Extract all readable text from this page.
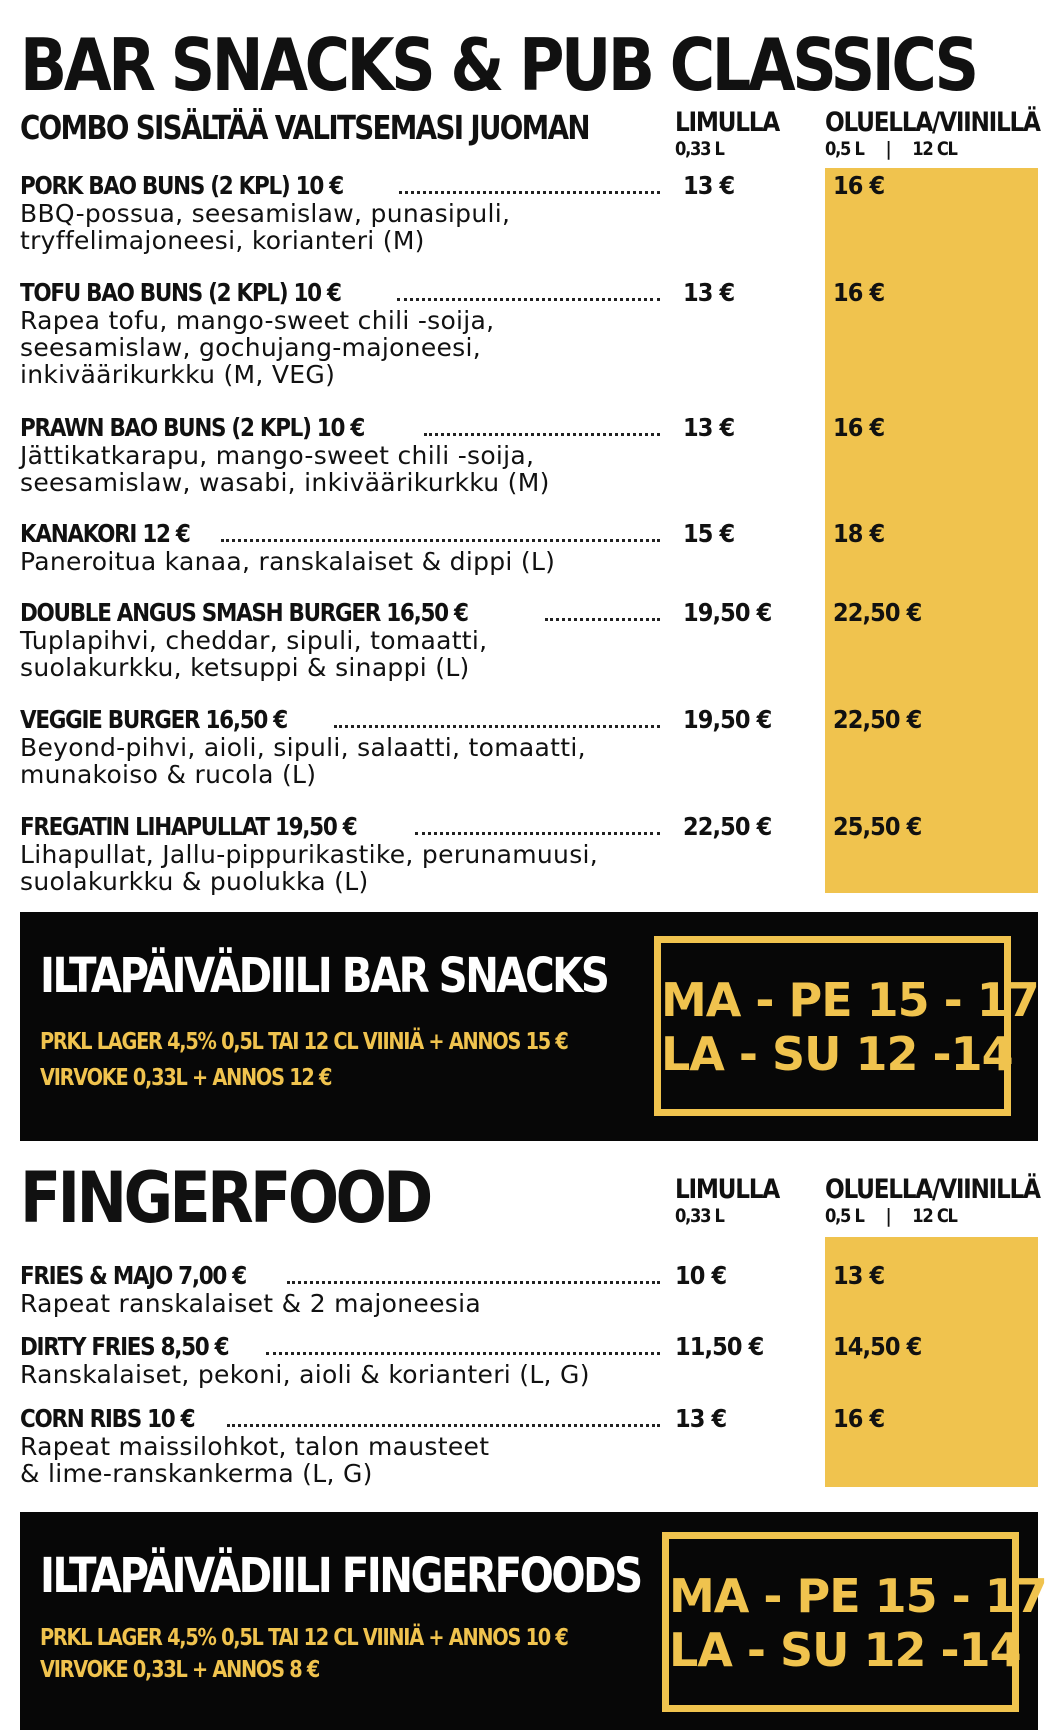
BAR SNACKS & PUB CLASSICS
COMBO SISÄLTÄÄ VALITSEMASI JUOMAN	LIMULLA
0,33 L
OLUELLA/VIINILLÄ
0,5 L     |     12 CL
PORK BAO BUNS (2 KPL) 10 €
BBQ-possua, seesamislaw, punasipuli,
tryffelimajoneesi, korianteri (M)
13 €	16 €
TOFU BAO BUNS (2 KPL) 10 €
Rapea tofu, mango-sweet chili -soija,
seesamislaw, gochujang-majoneesi,
inkiväärikurkku (M, VEG)
13 €	16 €
PRAWN BAO BUNS (2 KPL) 10 €
Jättikatkarapu, mango-sweet chili -soija,
seesamislaw, wasabi, inkiväärikurkku (M)
13 €	16 €
KANAKORI 12 €
Paneroitua kanaa, ranskalaiset & dippi (L)
15 €	18 €
DOUBLE ANGUS SMASH BURGER 16,50 €
Tuplapihvi, cheddar, sipuli, tomaatti,
suolakurkku, ketsuppi & sinappi (L)
19,50 € 22,50 €
VEGGIE BURGER 16,50 €
Beyond-pihvi, aioli, sipuli, salaatti, tomaatti,
munakoiso & rucola (L)
19,50 € 22,50 €
FREGATIN LIHAPULLAT 19,50 €
Lihapullat, Jallu-pippurikastike, perunamuusi,
suolakurkku & puolukka (L)
22,50 € 25,50 €
ILTAPÄIVÄDIILI BAR SNACKS
PRKL LAGER 4,5% 0,5L TAI 12 CL VIINIÄ + ANNOS 15 €
VIRVOKE 0,33L + ANNOS 12 €
MA - PE 15 - 17
LA - SU 12 -14
FINGERFOOD	LIMULLA
0,33 L
OLUELLA/VIINILLÄ
0,5 L     |     12 CL
FRIES & MAJO 7,00 €
Rapeat ranskalaiset & 2 majoneesia
10 €	13 €
DIRTY FRIES 8,50 €
Ranskalaiset, pekoni, aioli & korianteri (L, G)
11,50 €	14,50 €
CORN RIBS 10 €
Rapeat maissilohkot, talon mausteet
& lime-ranskankerma (L, G)
13 €	16 €
ILTAPÄIVÄDIILI FINGERFOODS
PRKL LAGER 4,5% 0,5L TAI 12 CL VIINIÄ + ANNOS 10 €
VIRVOKE 0,33L + ANNOS 8 €
MA - PE 15 - 17
LA - SU 12 -14
